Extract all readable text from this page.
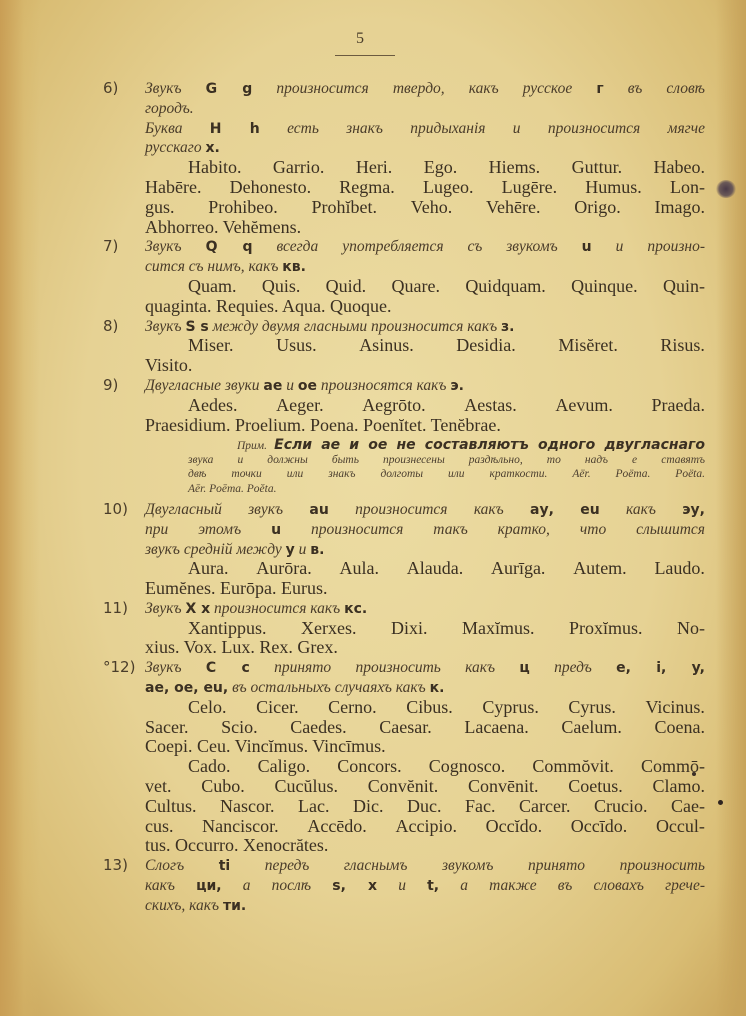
5
Звукъ G g произносится твердо, какъ русское г въ словѣ
6)
городъ.
Буква H h есть знакъ придыханія и произносится мягче
русскаго х.
Habito. Garrio. Heri. Ego. Hiems. Guttur. Habeo.
Habēre. Dehonesto. Regma. Lugeo. Lugēre. Humus. Lon-
gus. Prohibeo. Prohĭbet. Veho. Vehēre. Origo. Imago.
Abhorreo. Vehĕmens.
Звукъ Q q всегда употребляется съ звукомъ u и произно-
7)
сится съ нимъ, какъ кв.
Quam. Quis. Quid. Quare. Quidquam. Quinque. Quin-
quaginta. Requies. Aqua. Quoque.
Звукъ S s между двумя гласными произносится какъ з.
8)
Miser. Usus. Asinus. Desidia. Misĕret. Risus.
Visito.
Двугласные звуки ae и oe произносятся какъ э.
9)
Aedes. Aeger. Aegrōto. Aestas. Aevum. Praeda.
Praesidium. Proelium. Poena. Poenĭtet. Tenĕbrae.
Прим. Если ae и oe не составляютъ одного двугласнаго
звука и должны быть произнесены раздѣльно, то надъ e ставятъ
двѣ точки или знакъ долготы или краткости. Aër. Poëma. Poëta.
Aēr. Poēma. Poĕta.
Двугласный звукъ au произносится какъ ау, eu какъ эу,
10)
при этомъ u произносится такъ кратко, что слышится
звукъ средній между у и в.
Aura. Aurōra. Aula. Alauda. Aurīga. Autem. Laudo.
Eumĕnes. Eurōpa. Eurus.
Звукъ X x произносится какъ кс.
11)
Xantippus. Xerxes. Dixi. Maxĭmus. Proxĭmus. No-
xius. Vox. Lux. Rex. Grex.
Звукъ C c принято произносить какъ ц предъ e, i, y,
°12)
ae, oe, eu, въ остальныхъ случаяхъ какъ к.
Celo. Cicer. Cerno. Cibus. Cyprus. Cyrus. Vicinus.
Sacer. Scio. Caedes. Caesar. Lacaena. Caelum. Coena.
Coepi. Ceu. Vincĭmus. Vincīmus.
Cado. Caligo. Concors. Cognosco. Commŏvit. Commō-
vet. Cubo. Cucŭlus. Convĕnit. Convēnit. Coetus. Clamo.
Cultus. Nascor. Lac. Dic. Duc. Fac. Carcer. Crucio. Cae-
cus. Nanciscor. Accēdo. Accipio. Occĭdo. Occīdo. Occul-
tus. Occurro. Xenocrătes.
Слогъ ti передъ гласнымъ звукомъ принято произносить
13)
какъ ци, а послѣ s, x и t, а также въ словахъ грече-
скихъ, какъ ти.
